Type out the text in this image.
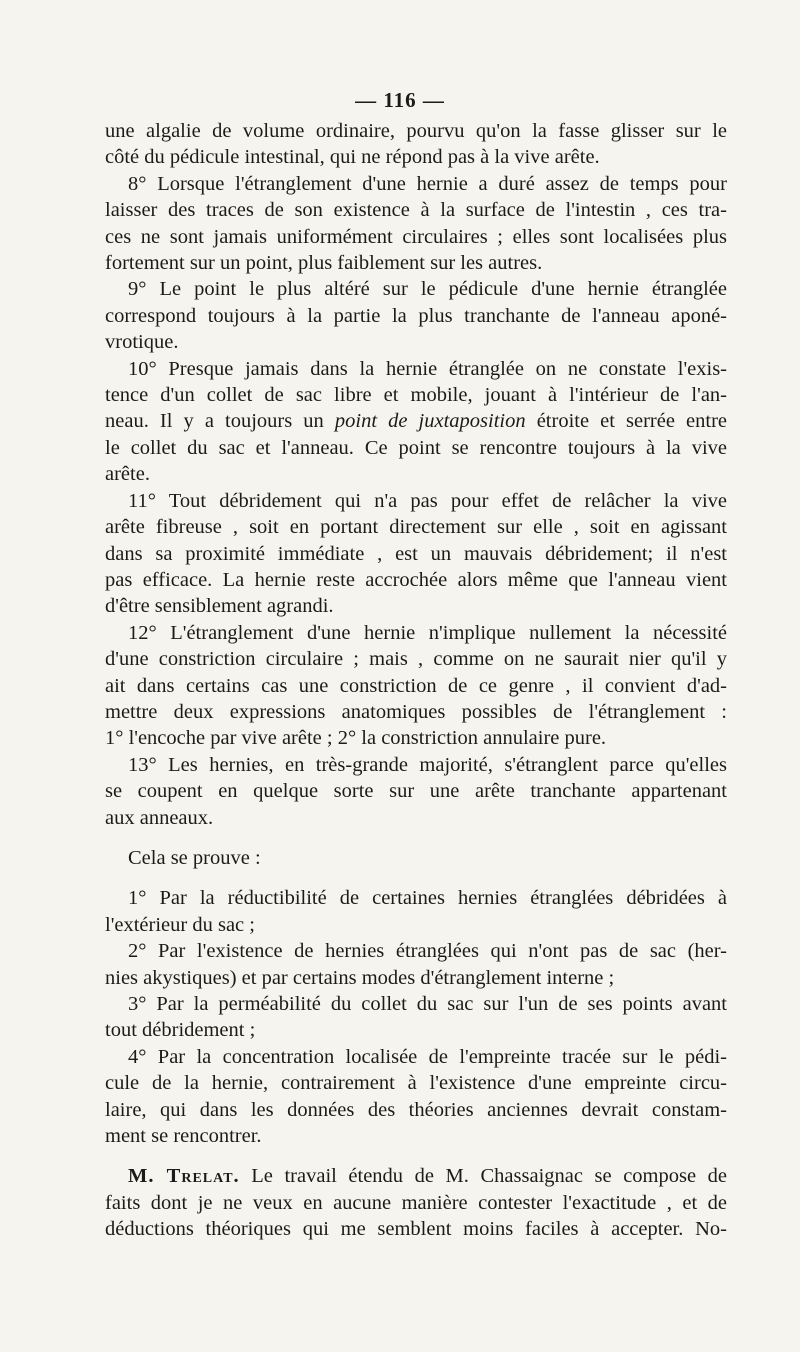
— 116 —
une algalie de volume ordinaire, pourvu qu'on la fasse glisser sur le
côté du pédicule intestinal, qui ne répond pas à la vive arête.
8° Lorsque l'étranglement d'une hernie a duré assez de temps pour
laisser des traces de son existence à la surface de l'intestin , ces tra-
ces ne sont jamais uniformément circulaires ; elles sont localisées plus
fortement sur un point, plus faiblement sur les autres.
9° Le point le plus altéré sur le pédicule d'une hernie étranglée
correspond toujours à la partie la plus tranchante de l'anneau aponé-
vrotique.
10° Presque jamais dans la hernie étranglée on ne constate l'exis-
tence d'un collet de sac libre et mobile, jouant à l'intérieur de l'an-
neau. Il y a toujours un point de juxtaposition étroite et serrée entre
le collet du sac et l'anneau. Ce point se rencontre toujours à la vive
arête.
11° Tout débridement qui n'a pas pour effet de relâcher la vive
arête fibreuse , soit en portant directement sur elle , soit en agissant
dans sa proximité immédiate , est un mauvais débridement; il n'est
pas efficace. La hernie reste accrochée alors même que l'anneau vient
d'être sensiblement agrandi.
12° L'étranglement d'une hernie n'implique nullement la nécessité
d'une constriction circulaire ; mais , comme on ne saurait nier qu'il y
ait dans certains cas une constriction de ce genre , il convient d'ad-
mettre deux expressions anatomiques possibles de l'étranglement :
1° l'encoche par vive arête ; 2° la constriction annulaire pure.
13° Les hernies, en très-grande majorité, s'étranglent parce qu'elles
se coupent en quelque sorte sur une arête tranchante appartenant
aux anneaux.
Cela se prouve :
1° Par la réductibilité de certaines hernies étranglées débridées à
l'extérieur du sac ;
2° Par l'existence de hernies étranglées qui n'ont pas de sac (her-
nies akystiques) et par certains modes d'étranglement interne ;
3° Par la perméabilité du collet du sac sur l'un de ses points avant
tout débridement ;
4° Par la concentration localisée de l'empreinte tracée sur le pédi-
cule de la hernie, contrairement à l'existence d'une empreinte circu-
laire, qui dans les données des théories anciennes devrait constam-
ment se rencontrer.
M. Trelat. Le travail étendu de M. Chassaignac se compose de
faits dont je ne veux en aucune manière contester l'exactitude , et de
déductions théoriques qui me semblent moins faciles à accepter. No-
